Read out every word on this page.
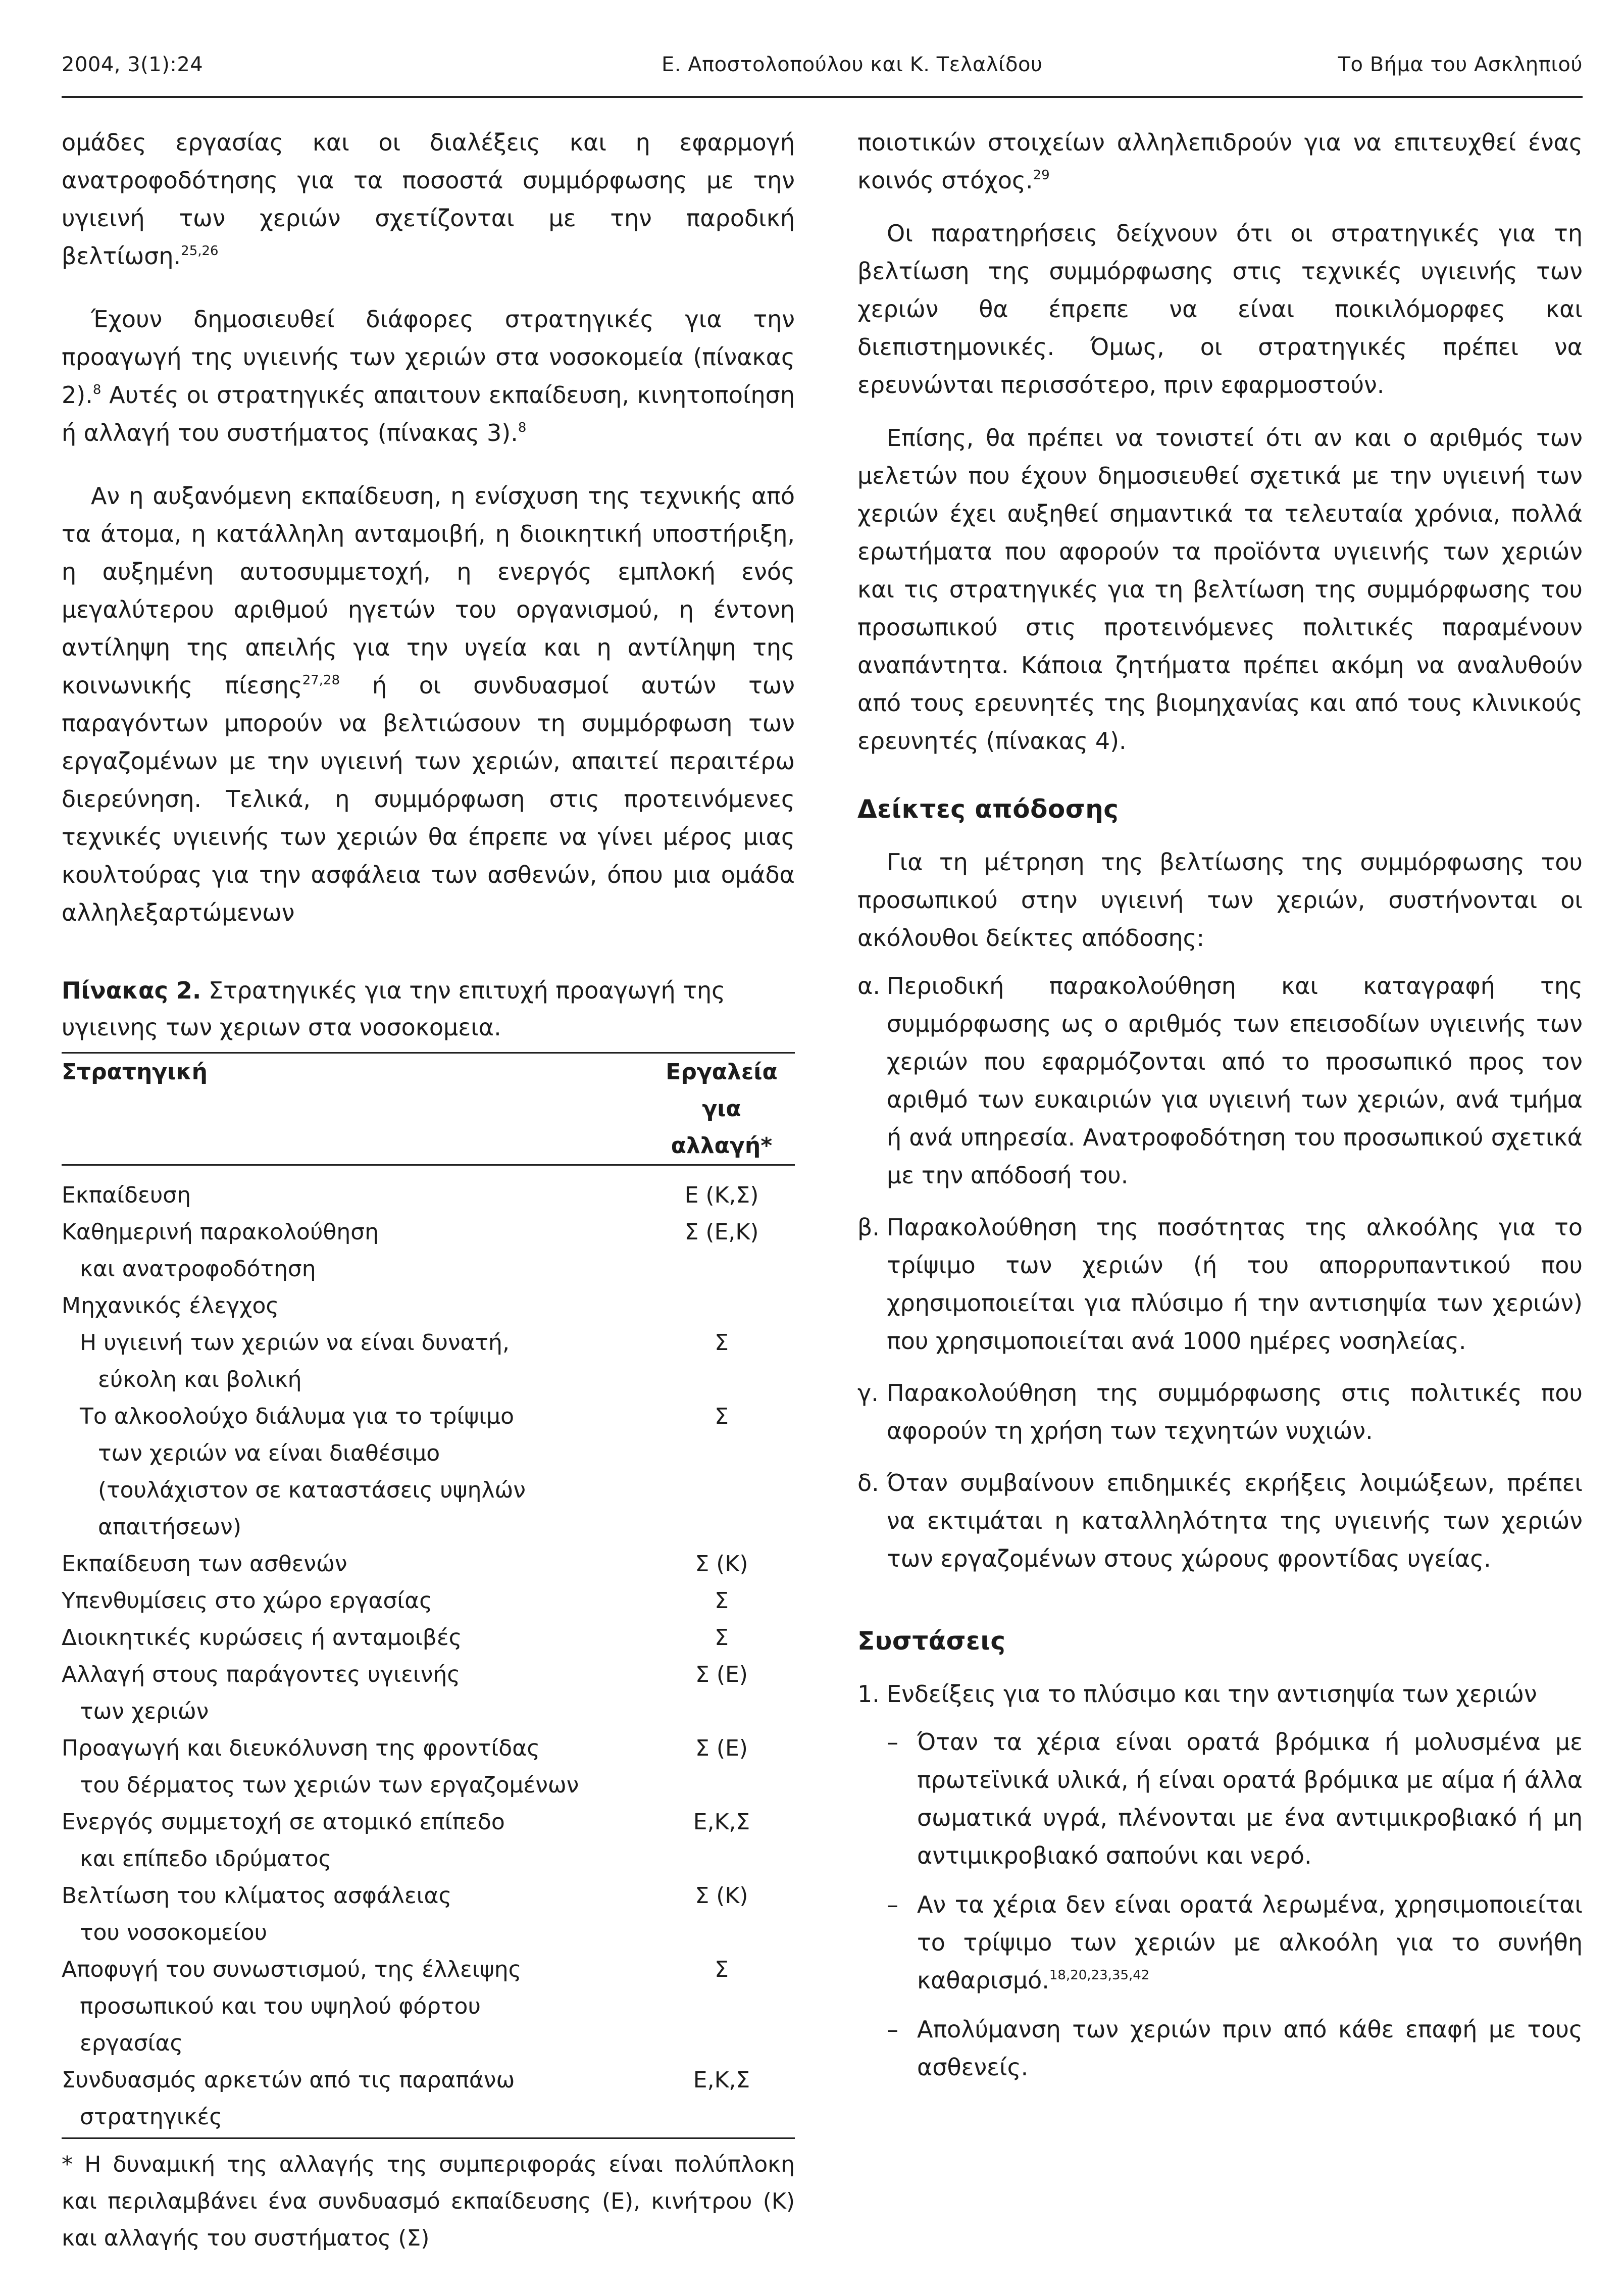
2004, 3(1):24	Ε. Αποστολοπούλου και Κ. Τελαλίδου	Το Βήμα του Ασκληπιού

ομάδες εργασίας και οι διαλέξεις και η εφαρμογή ανατροφοδότησης για τα ποσοστά συμμόρφωσης με την υγιεινή των χεριών σχετίζονται με την παροδική βελτίωση.$^{25,26}$

Έχουν δημοσιευθεί διάφορες στρατηγικές για την προαγωγή της υγιεινής των χεριών στα νοσοκομεία (πίνακας 2).$^8$ Αυτές οι στρατηγικές απαιτουν εκπαίδευση, κινητοποίηση ή αλλαγή του συστήματος (πίνακας 3).$^8$

Αν η αυξανόμενη εκπαίδευση, η ενίσχυση της τεχνικής από τα άτομα, η κατάλληλη ανταμοιβή, η διοικητική υποστήριξη, η αυξημένη αυτοσυμμετοχή, η ενεργός εμπλοκή ενός μεγαλύτερου αριθμού ηγετών του οργανισμού, η έντονη αντίληψη της απειλής για την υγεία και η αντίληψη της κοινωνικής πίεσης$^{27,28}$ ή οι συνδυασμοί αυτών των παραγόντων μπορούν να βελτιώσουν τη συμμόρφωση των εργαζομένων με την υγιεινή των χεριών, απαιτεί περαιτέρω διερεύνηση. Τελικά, η συμμόρφωση στις προτεινόμενες τεχνικές υγιεινής των χεριών θα έπρεπε να γίνει μέρος μιας κουλτούρας για την ασφάλεια των ασθενών, όπου μια ομάδα αλληλεξαρτώμενων

Πίνακας 2. Στρατηγικές για την επιτυχή προαγωγή της υγιεινης των χεριων στα νοσοκομεια.

Στρατηγική	Εργαλεία για αλλαγή*

Εκπαίδευση	Ε (Κ,Σ)

Καθημερινή παρακολούθηση
και ανατροφοδότηση	Σ (Ε,Κ)

Μηχανικός έλεγχος	

Η υγιεινή των χεριών να είναι δυνατή,
εύκολη και βολική	Σ

Το αλκοολούχο διάλυμα για το τρίψιμο
των χεριών να είναι διαθέσιμο
(τουλάχιστον σε καταστάσεις υψηλών
απαιτήσεων)	Σ

Εκπαίδευση των ασθενών	Σ (Κ)

Υπενθυμίσεις στο χώρο εργασίας	Σ

Διοικητικές κυρώσεις ή ανταμοιβές	Σ

Αλλαγή στους παράγοντες υγιεινής
των χεριών	Σ (Ε)

Προαγωγή και διευκόλυνση της φροντίδας
του δέρματος των χεριών των εργαζομένων	Σ (Ε)

Ενεργός συμμετοχή σε ατομικό επίπεδο
και επίπεδο ιδρύματος	Ε,Κ,Σ

Βελτίωση του κλίματος ασφάλειας
του νοσοκομείου	Σ (Κ)

Αποφυγή του συνωστισμού, της έλλειψης
προσωπικού και του υψηλού φόρτου
εργασίας	Σ

Συνδυασμός αρκετών από τις παραπάνω
στρατηγικές	Ε,Κ,Σ

* Η δυναμική της αλλαγής της συμπεριφοράς είναι πολύπλοκη και περιλαμβάνει ένα συνδυασμό εκπαίδευσης (Ε), κινήτρου (Κ) και αλλαγής του συστήματος (Σ)

ποιοτικών στοιχείων αλληλεπιδρούν για να επιτευχθεί ένας κοινός στόχος.$^{29}$

Οι παρατηρήσεις δείχνουν ότι οι στρατηγικές για τη βελτίωση της συμμόρφωσης στις τεχνικές υγιεινής των χεριών θα έπρεπε να είναι ποικιλόμορφες και διεπιστημονικές. Όμως, οι στρατηγικές πρέπει να ερευνώνται περισσότερο, πριν εφαρμοστούν.

Επίσης, θα πρέπει να τονιστεί ότι αν και ο αριθμός των μελετών που έχουν δημοσιευθεί σχετικά με την υγιεινή των χεριών έχει αυξηθεί σημαντικά τα τελευταία χρόνια, πολλά ερωτήματα που αφορούν τα προϊόντα υγιεινής των χεριών και τις στρατηγικές για τη βελτίωση της συμμόρφωσης του προσωπικού στις προτεινόμενες πολιτικές παραμένουν αναπάντητα. Κάποια ζητήματα πρέπει ακόμη να αναλυθούν από τους ερευνητές της βιομηχανίας και από τους κλινικούς ερευνητές (πίνακας 4).

Δείκτες απόδοσης

Για τη μέτρηση της βελτίωσης της συμμόρφωσης του προσωπικού στην υγιεινή των χεριών, συστήνονται οι ακόλουθοι δείκτες απόδοσης:

α. Περιοδική παρακολούθηση και καταγραφή της συμμόρφωσης ως ο αριθμός των επεισοδίων υγιεινής των χεριών που εφαρμόζονται από το προσωπικό προς τον αριθμό των ευκαιριών για υγιεινή των χεριών, ανά τμήμα ή ανά υπηρεσία. Ανατροφοδότηση του προσωπικού σχετικά με την απόδοσή του.
β. Παρακολούθηση της ποσότητας της αλκοόλης για το τρίψιμο των χεριών (ή του απορρυπαντικού που χρησιμοποιείται για πλύσιμο ή την αντισηψία των χεριών) που χρησιμοποιείται ανά 1000 ημέρες νοσηλείας.
γ. Παρακολούθηση της συμμόρφωσης στις πολιτικές που αφορούν τη χρήση των τεχνητών νυχιών.
δ. Όταν συμβαίνουν επιδημικές εκρήξεις λοιμώξεων, πρέπει να εκτιμάται η καταλληλότητα της υγιεινής των χεριών των εργαζομένων στους χώρους φροντίδας υγείας.
Συστάσεις
1. Ενδείξεις για το πλύσιμο και την αντισηψία των χεριών
– Όταν τα χέρια είναι ορατά βρόμικα ή μολυσμένα με πρωτεϊνικά υλικά, ή είναι ορατά βρόμικα με αίμα ή άλλα σωματικά υγρά, πλένονται με ένα αντιμικροβιακό ή μη αντιμικροβιακό σαπούνι και νερό.
– Αν τα χέρια δεν είναι ορατά λερωμένα, χρησιμοποιείται το τρίψιμο των χεριών με αλκοόλη για το συνήθη καθαρισμό.$^{18,20,23,35,42}$
– Απολύμανση των χεριών πριν από κάθε επαφή με τους ασθενείς.
